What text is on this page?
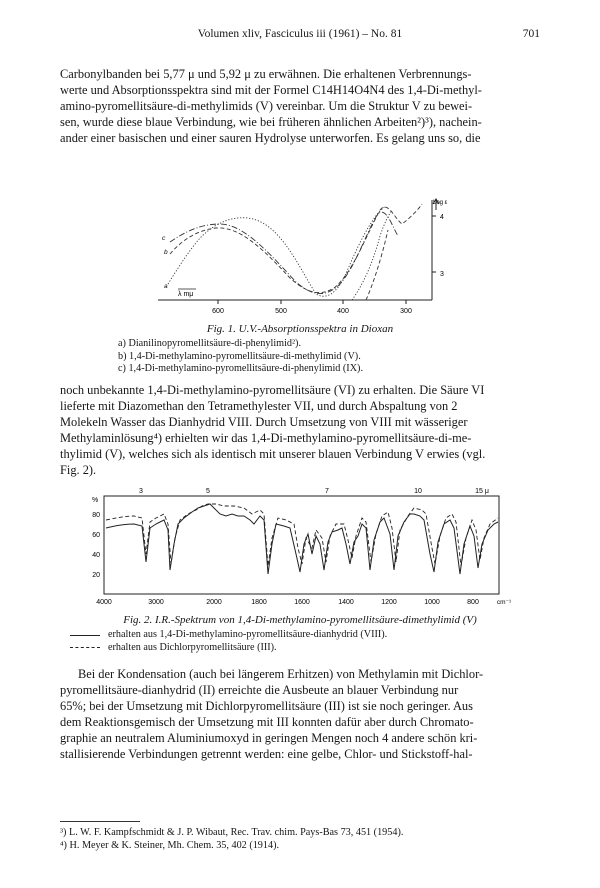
Volumen xliv, Fasciculus iii (1961) – No. 81	701

Carbonylbanden bei 5,77 μ und 5,92 μ zu erwähnen. Die erhaltenen Verbrennungs-
werte und Absorptionsspektra sind mit der Formel C14H14O4N4 des 1,4-Di-methyl-
amino-pyromellitsäure-di-methylimids (V) vereinbar. Um die Struktur V zu bewei-
sen, wurde diese blaue Verbindung, wie bei früheren ähnlichen Arbeiten²)³), nachein-
ander einer basischen und einer sauren Hydrolyse unterworfen. Es gelang uns so, die

600	500	400	300
4
3
Log ε
λ mμ
c
b
a
Fig. 1. U.V.-Absorptionsspektra in Dioxan
a) Dianilinopyromellitsäure-di-phenylimid²).
b) 1,4-Di-methylamino-pyromellitsäure-di-methylimid (V).
c) 1,4-Di-methylamino-pyromellitsäure-di-phenylimid (IX).

noch unbekannte 1,4-Di-methylamino-pyromellitsäure (VI) zu erhalten. Die Säure VI
lieferte mit Diazomethan den Tetramethylester VII, und durch Abspaltung von 2
Molekeln Wasser das Dianhydrid VIII. Durch Umsetzung von VIII mit wässeriger
Methylaminlösung⁴) erhielten wir das 1,4-Di-methylamino-pyromellitsäure-di-me-
thylimid (V), welches sich als identisch mit unserer blauen Verbindung V erwies (vgl.
Fig. 2).

3	5	7	10	15 μ
%
80
60
40
20
4000	3000	2000	1800	1600	1400	1200	1000	800	cm⁻¹
Fig. 2. I.R.-Spektrum von 1,4-Di-methylamino-pyromellitsäure-dimethylimid (V)
erhalten aus 1,4-Di-methylamino-pyromellitsäure-dianhydrid (VIII).
erhalten aus Dichlorpyromellitsäure (III).

Bei der Kondensation (auch bei längerem Erhitzen) von Methylamin mit Dichlor-
pyromellitsäure-dianhydrid (II) erreichte die Ausbeute an blauer Verbindung nur
65%; bei der Umsetzung mit Dichlorpyromellitsäure (III) ist sie noch geringer. Aus
dem Reaktionsgemisch der Umsetzung mit III konnten dafür aber durch Chromato-
graphie an neutralem Aluminiumoxyd in geringen Mengen noch 4 andere schön kri-
stallisierende Verbindungen getrennt werden: eine gelbe, Chlor- und Stickstoff-hal-

³) L. W. F. Kampfschmidt & J. P. Wibaut, Rec. Trav. chim. Pays-Bas 73, 451 (1954).
⁴) H. Meyer & K. Steiner, Mh. Chem. 35, 402 (1914).
